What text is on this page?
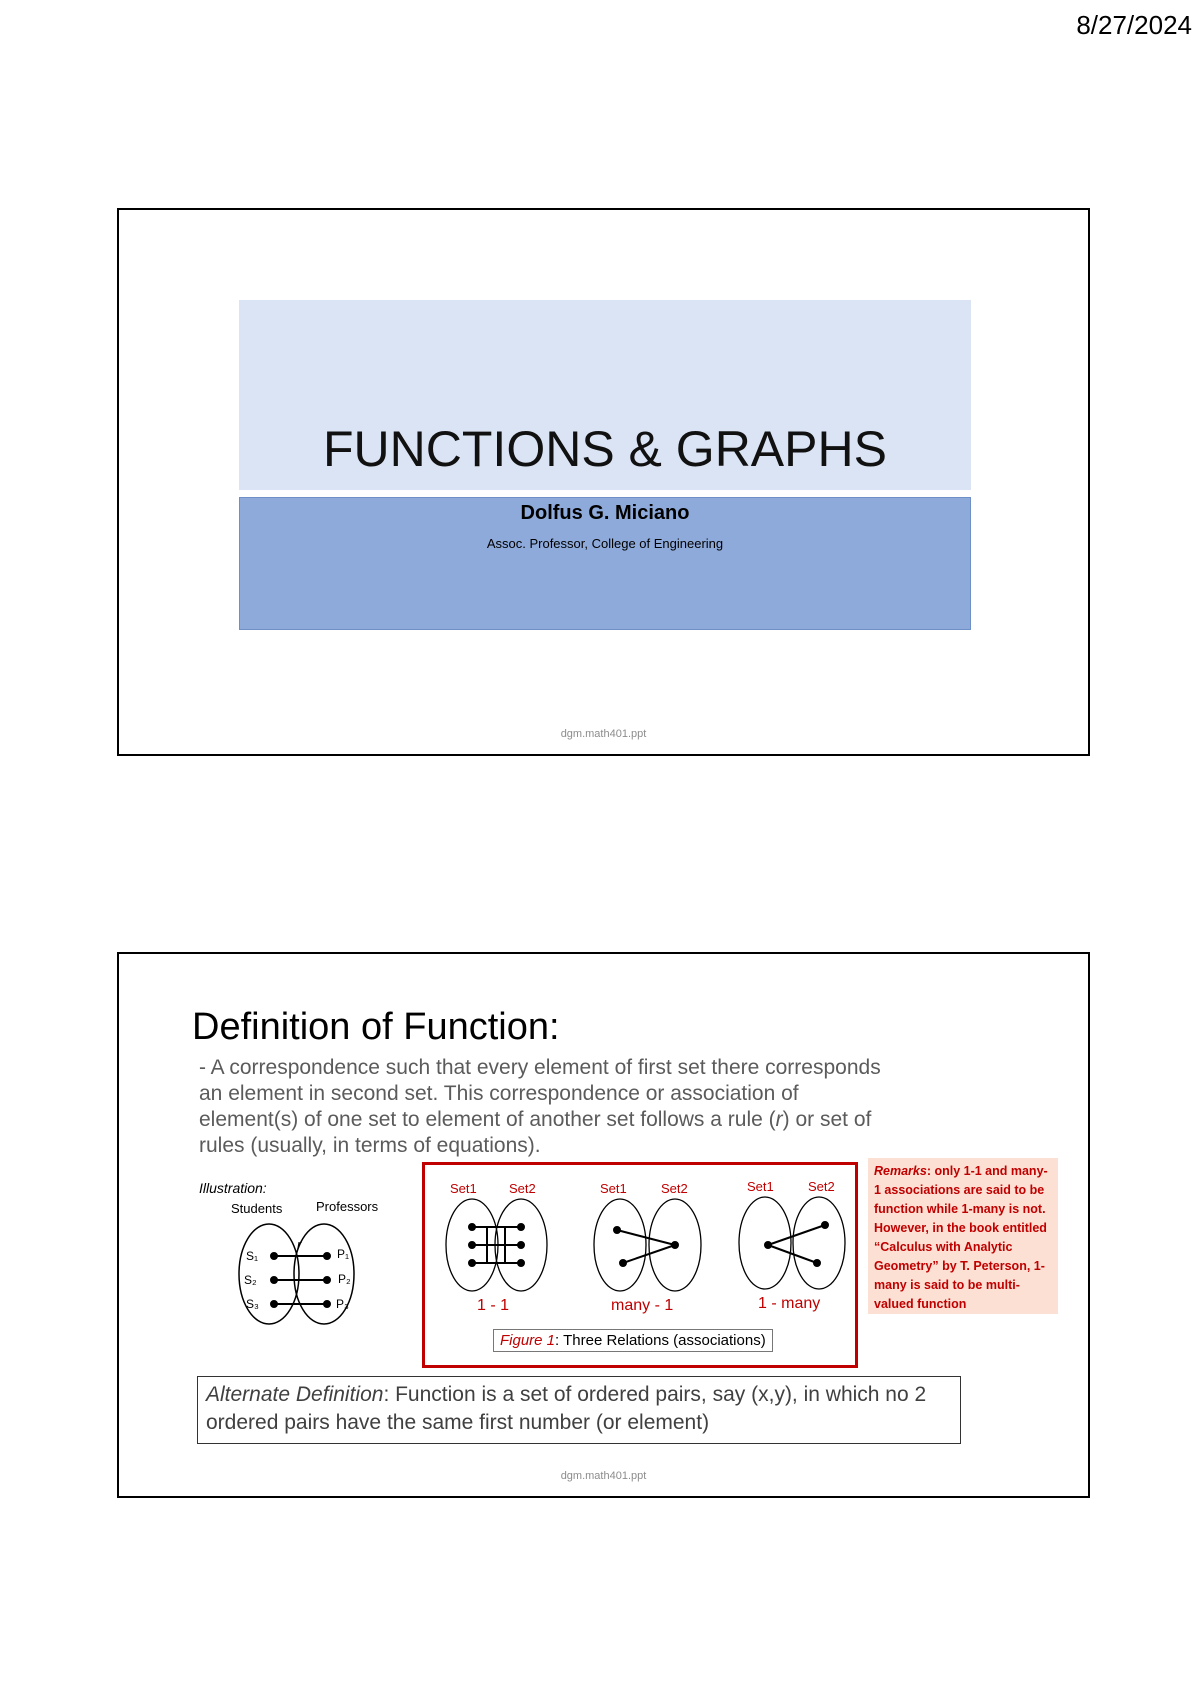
8/27/2024
FUNCTIONS & GRAPHS
Dolfus G. Miciano
Assoc. Professor, College of Engineering
dgm.math401.ppt
Definition of Function:
- A correspondence such that every element of first set there corresponds
an element in second set. This correspondence or association of
element(s) of one set to element of another set follows a rule (r) or set of
rules (usually, in terms of equations).
Illustration:
Students	Professors
r
S₁
S₂
S₃
P₁
P₂
P₃
Set1 Set2	Set1	Set2	Set1	Set2
1 - 1	many - 1	1 - many
Figure 1: Three Relations (associations)
Remarks: only 1-1 and many-1 associations are said to be function while 1-many is not. However, in the book entitled “Calculus with Analytic Geometry” by T. Peterson, 1-many is said to be multi-valued function
Alternate Definition: Function is a set of ordered pairs, say (x,y), in which no 2 ordered pairs have the same first number (or element)
dgm.math401.ppt
